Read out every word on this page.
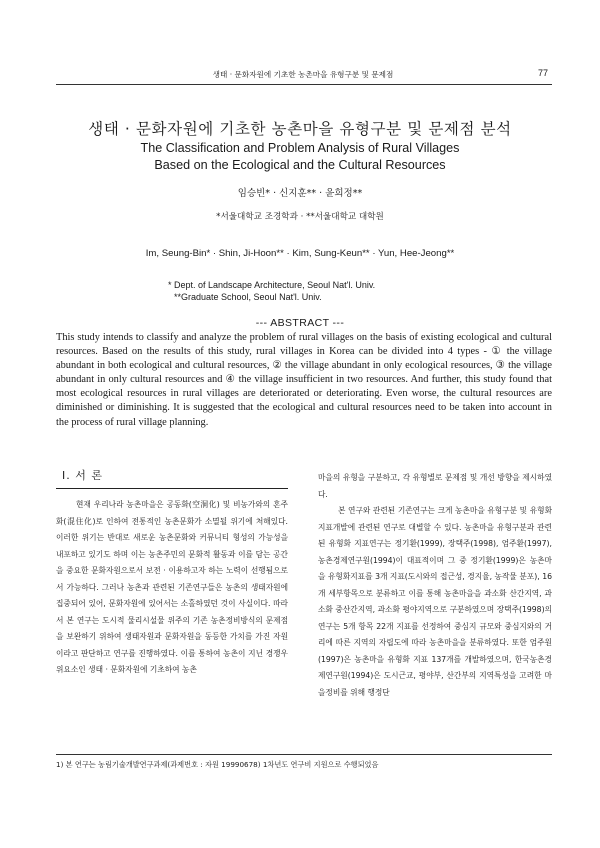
생태 · 문화자원에 기초한 농촌마을 유형구분 및 문제점	77
생태 · 문화자원에 기초한 농촌마을 유형구분 및 문제점 분석
The Classification and Problem Analysis of Rural Villages
Based on the Ecological and the Cultural Resources
임승빈* · 신지훈** · 윤희정**
*서울대학교 조경학과 · **서울대학교 대학원
Im, Seung-Bin* · Shin, Ji-Hoon** · Kim, Sung-Keun** · Yun, Hee-Jeong**
* Dept. of Landscape Architecture, Seoul Nat'l. Univ.
**Graduate School, Seoul Nat'l. Univ.
--- ABSTRACT ---
This study intends to classify and analyze the problem of rural villages on the basis of existing ecological and cultural resources. Based on the results of this study, rural villages in Korea can be divided into 4 types - ① the village abundant in both ecological and cultural resources, ② the village abundant in only ecological resources, ③ the village abundant in only cultural resources and ④ the village insufficient in two resources. And further, this study found that most ecological resources in rural villages are deteriorated or deteriorating. Even worse, the cultural resources are diminished or diminishing. It is suggested that the ecological and cultural resources need to be taken into account in the process of rural village planning.
Ⅰ. 서 론

현재 우리나라 농촌마을은 공동화(空洞化) 및 비농가와의 혼주화(混住化)로 인하여 전통적인 농촌문화가 소멸될 위기에 처해있다. 이러한 위기는 반대로 새로운 농촌문화와 커뮤니티 형성의 가능성을 내포하고 있기도 하며 이는 농촌주민의 문화적 활동과 이를 담는 공간을 중요한 문화자원으로서 보전 · 이용하고자 하는 노력이 선행됨으로서 가능하다. 그러나 농촌과 관련된 기존연구들은 농촌의 생태자원에 집중되어 있어, 문화자원에 있어서는 소홀하였던 것이 사실이다. 따라서 본 연구는 도시적 물리시설물 위주의 기존 농촌정비방식의 문제점을 보완하기 위하여 생태자원과 문화자원을 동등한 가치를 가진 자원이라고 판단하고 연구를 진행하였다. 이를 통하여 농촌이 지닌 경쟁우위요소인 생태 · 문화자원에 기초하여 농촌

마을의 유형을 구분하고, 각 유형별로 문제점 및 개선 방향을 제시하였다.

본 연구와 관련된 기존연구는 크게 농촌마을 유형구분 및 유형화 지표개발에 관련된 연구로 대별할 수 있다. 농촌마을 유형구분과 관련된 유형화 지표연구는 정기환(1999), 장택주(1998), 엄주환(1997), 농촌경제연구원(1994)이 대표적이며 그 중 정기환(1999)은 농촌마을 유형화지표를 3개 지표(도시와의 접근성, 경지율, 농작물 분포), 16개 세부항목으로 분류하고 이를 통해 농촌마을을 과소화 산간지역, 과소화 중산간지역, 과소화 평야지역으로 구분하였으며 장택주(1998)의 연구는 5개 항목 22개 지표를 선정하여 중심지 규모와 중심지와의 거리에 따른 지역의 자립도에 따라 농촌마을을 분류하였다. 또한 엄주원(1997)은 농촌마을 유형화 지표 137개를 개발하였으며, 한국농촌경제연구원(1994)은 도시근교, 평야부, 산간부의 지역특성을 고려한 마을정비를 위해 행정단

1) 본 연구는 농림기술개발연구과제(과제번호 : 자원 19990678) 1차년도 연구비 지원으로 수행되었음
